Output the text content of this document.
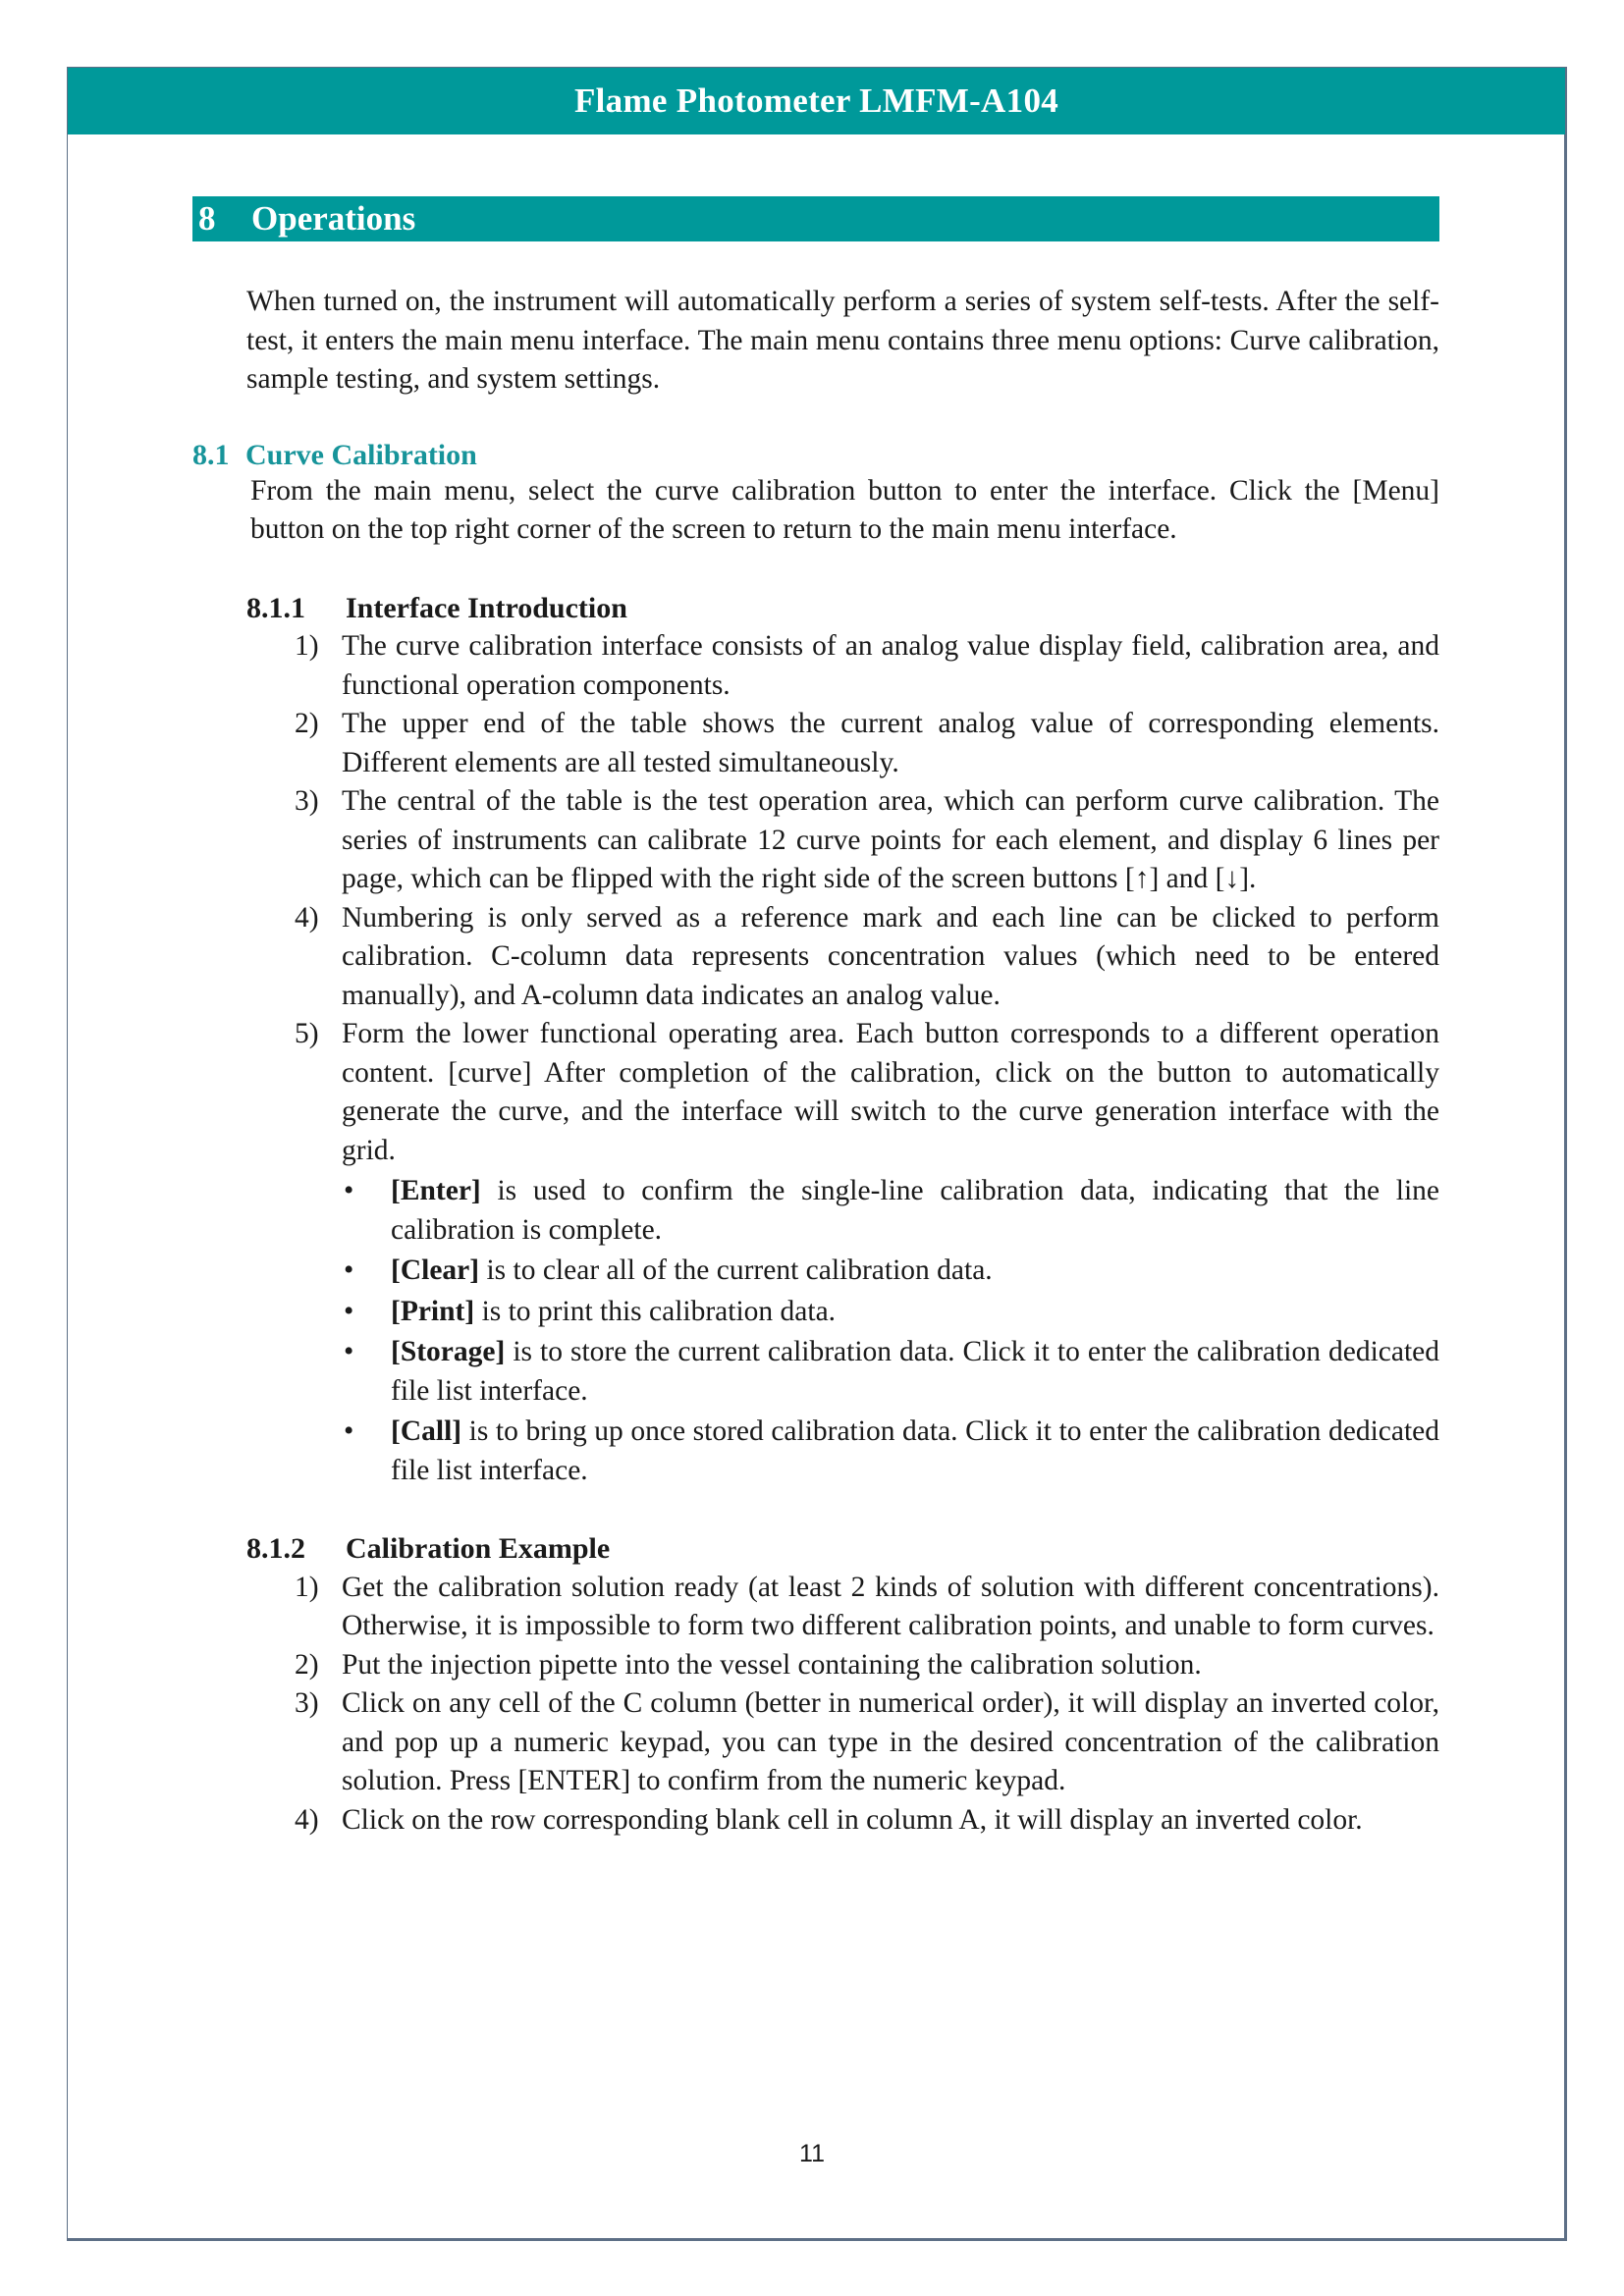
Flame Photometer LMFM-A104
8	Operations

When turned on, the instrument will automatically perform a series of system self-tests. After the self-test, it enters the main menu interface. The main menu contains three menu options: Curve calibration, sample testing, and system settings.

8.1 Curve Calibration

From the main menu, select the curve calibration button to enter the interface. Click the [Menu] button on the top right corner of the screen to return to the main menu interface.

8.1.1	Interface Introduction
1) The curve calibration interface consists of an analog value display field, calibration area, and functional operation components.
2) The upper end of the table shows the current analog value of corresponding elements. Different elements are all tested simultaneously.
3) The central of the table is the test operation area, which can perform curve calibration. The series of instruments can calibrate 12 curve points for each element, and display 6 lines per page, which can be flipped with the right side of the screen buttons [↑] and [↓].
4) Numbering is only served as a reference mark and each line can be clicked to perform calibration. C-column data represents concentration values (which need to be entered manually), and A-column data indicates an analog value.
5) Form the lower functional operating area. Each button corresponds to a different operation content. [curve] After completion of the calibration, click on the button to automatically generate the curve, and the interface will switch to the curve generation interface with the grid.
• [Enter] is used to confirm the single-line calibration data, indicating that the line calibration is complete.
• [Clear] is to clear all of the current calibration data.
• [Print] is to print this calibration data.
• [Storage] is to store the current calibration data. Click it to enter the calibration dedicated file list interface.
• [Call] is to bring up once stored calibration data. Click it to enter the calibration dedicated file list interface.
8.1.2	Calibration Example
1) Get the calibration solution ready (at least 2 kinds of solution with different concentrations). Otherwise, it is impossible to form two different calibration points, and unable to form curves.
2) Put the injection pipette into the vessel containing the calibration solution.
3) Click on any cell of the C column (better in numerical order), it will display an inverted color, and pop up a numeric keypad, you can type in the desired concentration of the calibration solution. Press [ENTER] to confirm from the numeric keypad.
4) Click on the row corresponding blank cell in column A, it will display an inverted color.
11
